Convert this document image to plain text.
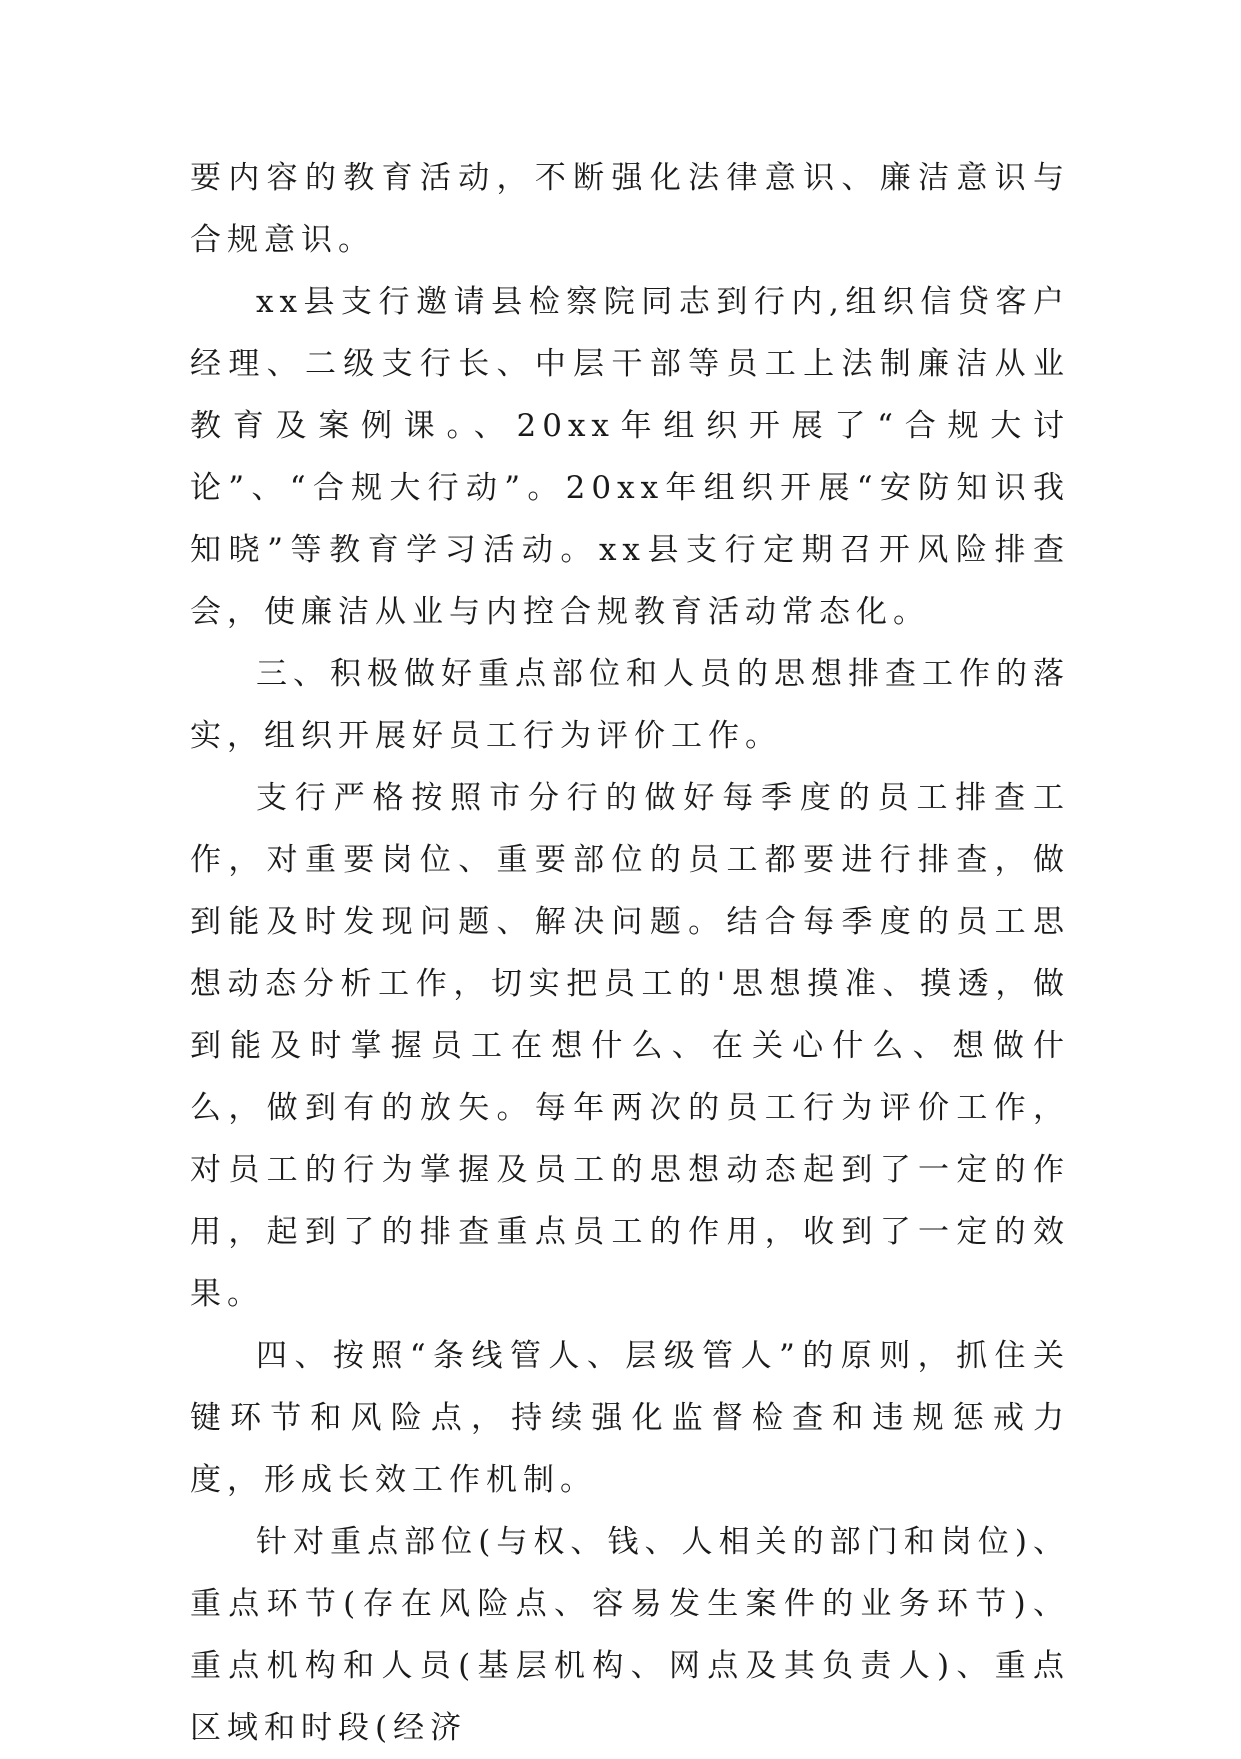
要内容的教育活动，不断强化法律意识、廉洁意识与合规意识。

xx县支行邀请县检察院同志到行内,组织信贷客户经理、二级支行长、中层干部等员工上法制廉洁从业教育及案例课。、20xx年组织开展了“合规大讨论”、“合规大行动”。20xx年组织开展“安防知识我知晓”等教育学习活动。xx县支行定期召开风险排查会，使廉洁从业与内控合规教育活动常态化。

三、积极做好重点部位和人员的思想排查工作的落实，组织开展好员工行为评价工作。

支行严格按照市分行的做好每季度的员工排查工作，对重要岗位、重要部位的员工都要进行排查，做到能及时发现问题、解决问题。结合每季度的员工思想动态分析工作，切实把员工的'思想摸准、摸透，做到能及时掌握员工在想什么、在关心什么、想做什么，做到有的放矢。每年两次的员工行为评价工作，对员工的行为掌握及员工的思想动态起到了一定的作用，起到了的排查重点员工的作用，收到了一定的效果。

四、按照“条线管人、层级管人”的原则，抓住关键环节和风险点，持续强化监督检查和违规惩戒力度，形成长效工作机制。

针对重点部位(与权、钱、人相关的部门和岗位)、重点环节(存在风险点、容易发生案件的业务环节)、重点机构和人员(基层机构、网点及其负责人)、重点区域和时段(经济
